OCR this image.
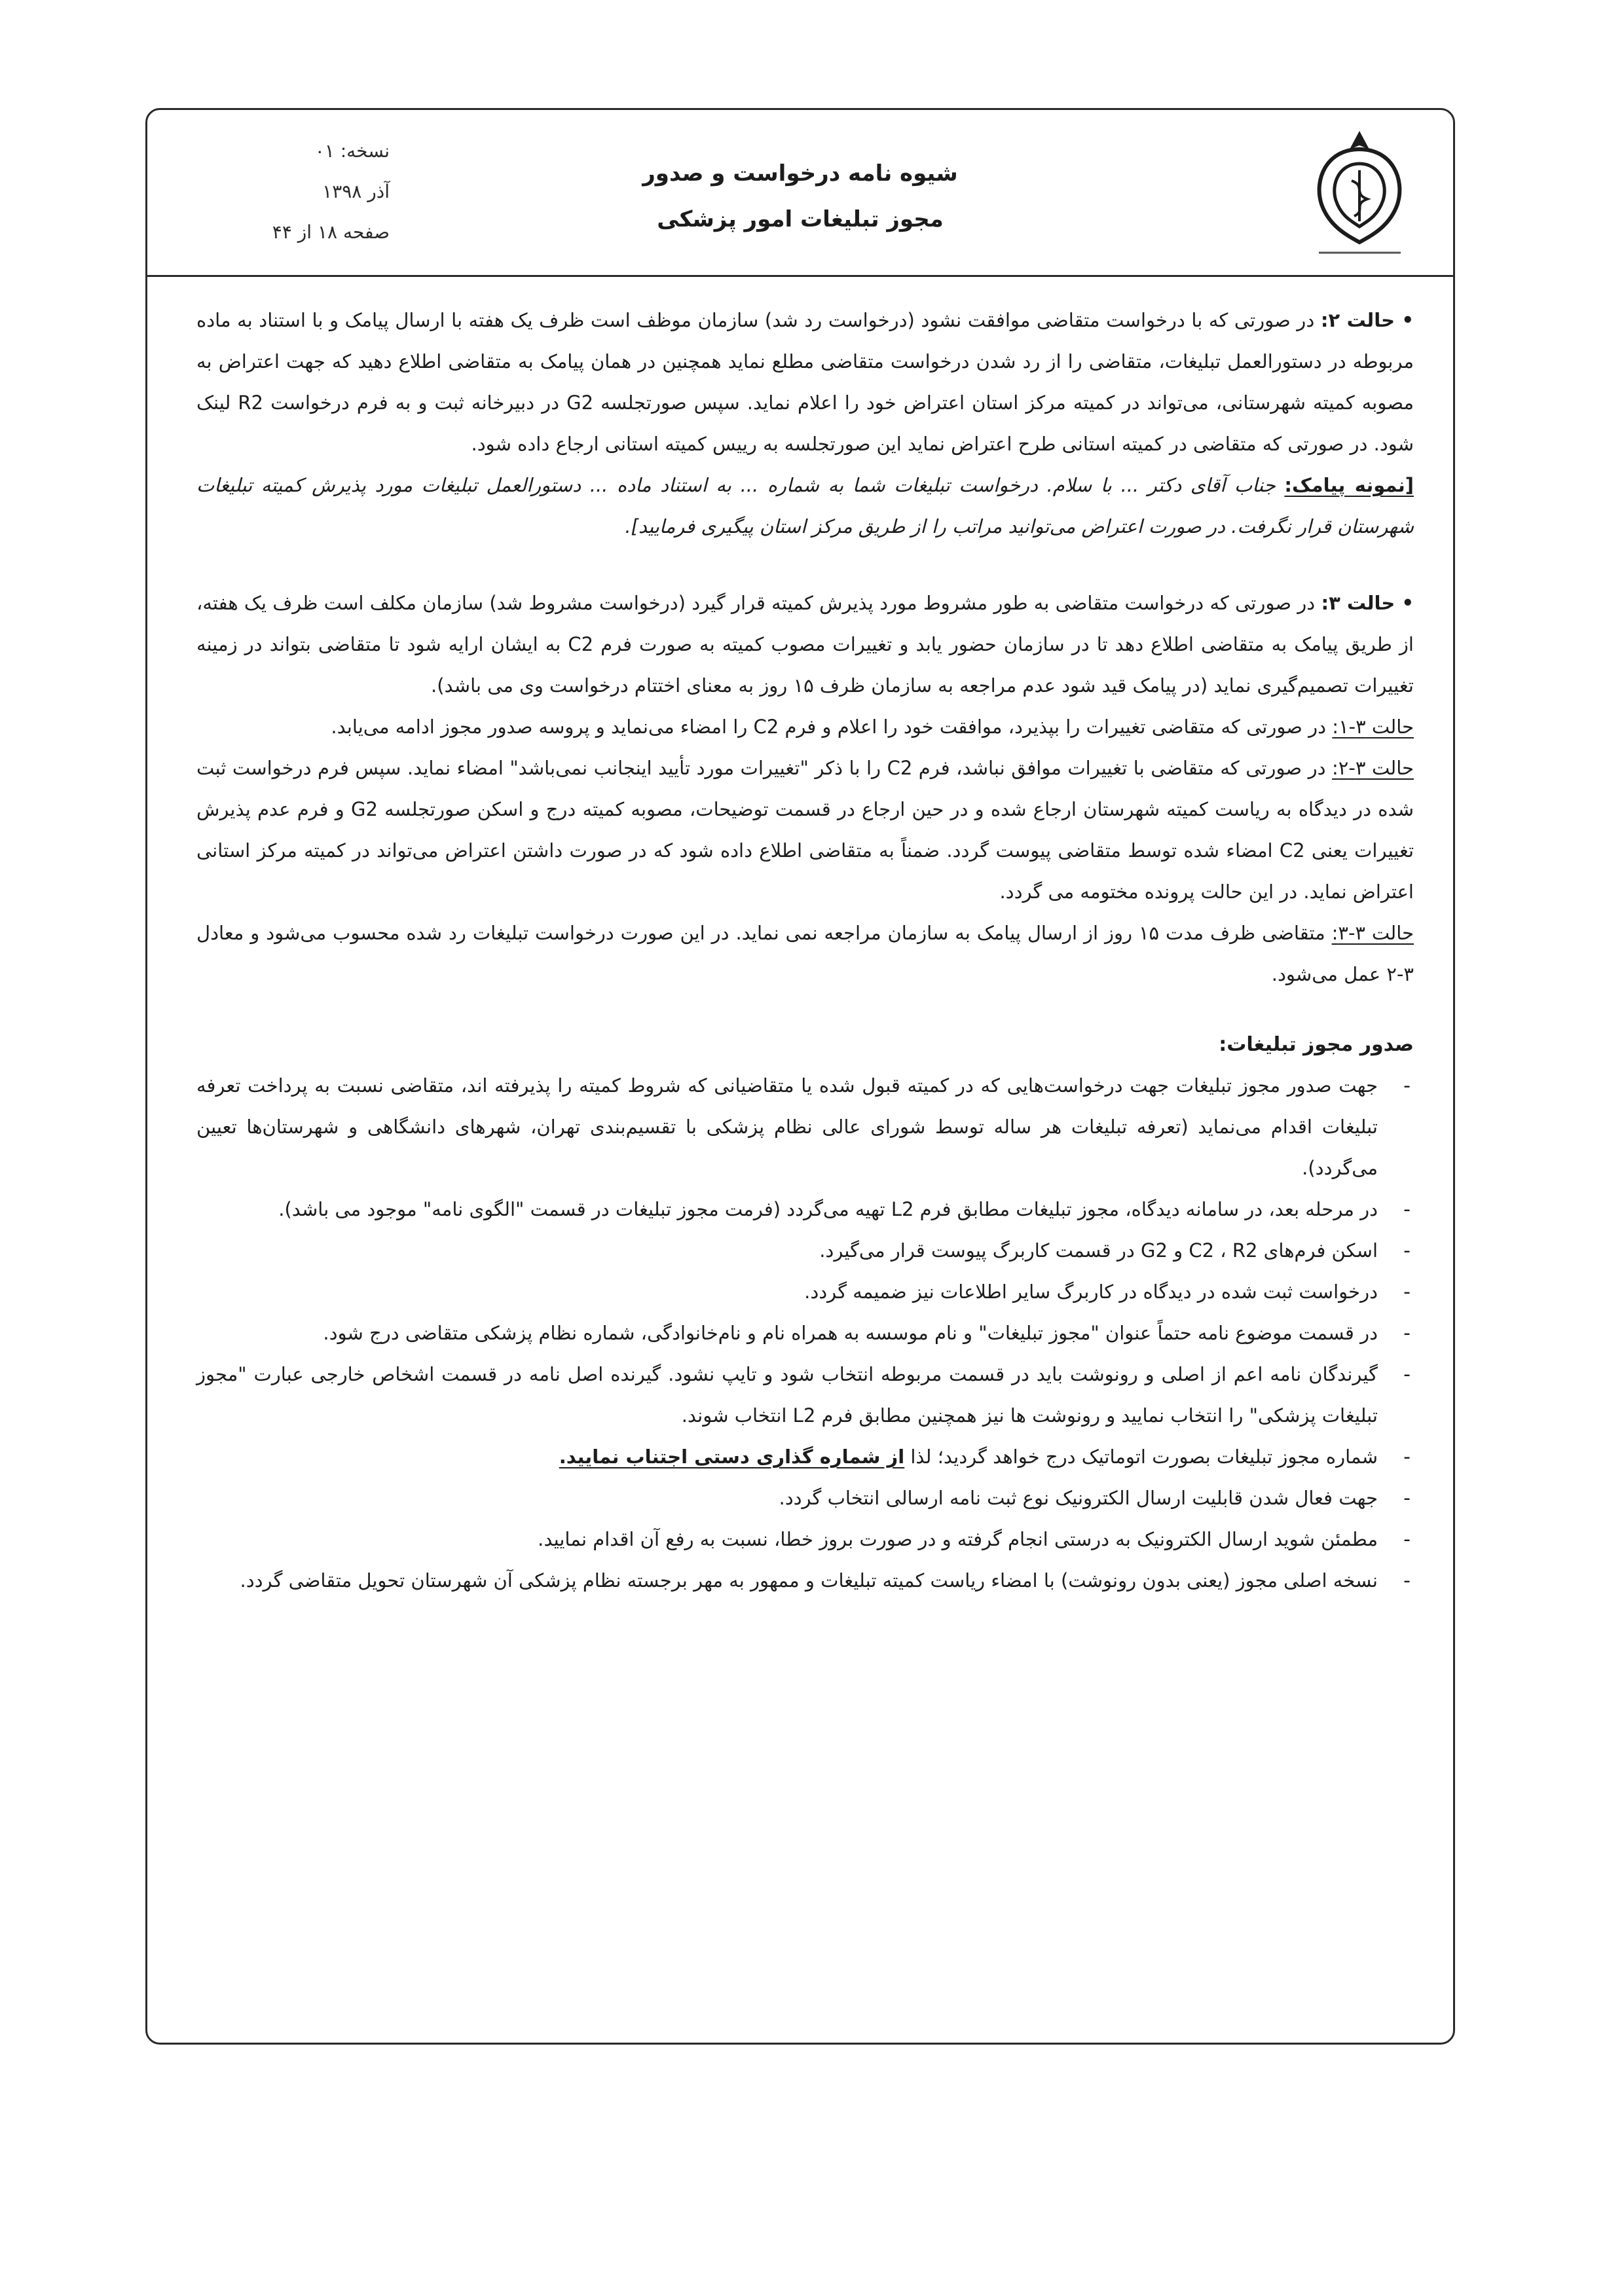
شیوه نامه درخواست و صدور
مجوز تبلیغات امور پزشکی
نسخه: ۰۱
آذر ۱۳۹۸
صفحه ۱۸ از ۴۴

• حالت ۲: در صورتی که با درخواست متقاضی موافقت نشود (درخواست رد شد) سازمان موظف است ظرف یک هفته با ارسال پیامک و با استناد به ماده مربوطه در دستورالعمل تبلیغات، متقاضی را از رد شدن درخواست متقاضی مطلع نماید همچنین در همان پیامک به متقاضی اطلاع دهید که جهت اعتراض به مصوبه کمیته شهرستانی، می‌تواند در کمیته مرکز استان اعتراض خود را اعلام نماید. سپس صورتجلسه G2 در دبیرخانه ثبت و به فرم درخواست R2 لینک شود. در صورتی که متقاضی در کمیته استانی طرح اعتراض نماید این صورتجلسه به رییس کمیته استانی ارجاع داده شود.

[نمونه پیامک: جناب آقای دکتر ... با سلام. درخواست تبلیغات شما به شماره ... به استناد ماده ... دستورالعمل تبلیغات مورد پذیرش کمیته تبلیغات شهرستان قرار نگرفت. در صورت اعتراض می‌توانید مراتب را از طریق مرکز استان پیگیری فرمایید].

• حالت ۳: در صورتی که درخواست متقاضی به طور مشروط مورد پذیرش کمیته قرار گیرد (درخواست مشروط شد) سازمان مکلف است ظرف یک هفته، از طریق پیامک به متقاضی اطلاع دهد تا در سازمان حضور یابد و تغییرات مصوب کمیته به صورت فرم C2 به ایشان ارایه شود تا متقاضی بتواند در زمینه تغییرات تصمیم‌گیری نماید (در پیامک قید شود عدم مراجعه به سازمان ظرف ۱۵ روز به معنای اختتام درخواست وی می باشد).

حالت ۳-۱: در صورتی که متقاضی تغییرات را بپذیرد، موافقت خود را اعلام و فرم C2 را امضاء می‌نماید و پروسه صدور مجوز ادامه می‌یابد.

حالت ۳-۲: در صورتی که متقاضی با تغییرات موافق نباشد، فرم C2 را با ذکر "تغییرات مورد تأیید اینجانب نمی‌باشد" امضاء نماید. سپس فرم درخواست ثبت شده در دیدگاه به ریاست کمیته شهرستان ارجاع شده و در حین ارجاع در قسمت توضیحات، مصوبه کمیته درج و اسکن صورتجلسه G2 و فرم عدم پذیرش تغییرات یعنی C2 امضاء شده توسط متقاضی پیوست گردد. ضمناً به متقاضی اطلاع داده شود که در صورت داشتن اعتراض می‌تواند در کمیته مرکز استانی اعتراض نماید. در این حالت پرونده مختومه می گردد.

حالت ۳-۳: متقاضی ظرف مدت ۱۵ روز از ارسال پیامک به سازمان مراجعه نمی نماید. در این صورت درخواست تبلیغات رد شده محسوب می‌شود و معادل ۳-۲ عمل می‌شود.

صدور مجوز تبلیغات:

- جهت صدور مجوز تبلیغات جهت درخواست‌هایی که در کمیته قبول شده یا متقاضیانی که شروط کمیته را پذیرفته اند، متقاضی نسبت به پرداخت تعرفه تبلیغات اقدام می‌نماید (تعرفه تبلیغات هر ساله توسط شورای عالی نظام پزشکی با تقسیم‌بندی تهران، شهرهای دانشگاهی و شهرستان‌ها تعیین می‌گردد).
- در مرحله بعد، در سامانه دیدگاه، مجوز تبلیغات مطابق فرم L2 تهیه می‌گردد (فرمت مجوز تبلیغات در قسمت "الگوی نامه" موجود می باشد).
- اسکن فرم‌های C2 ، R2 و G2 در قسمت کاربرگ پیوست قرار می‌گیرد.
- درخواست ثبت شده در دیدگاه در کاربرگ سایر اطلاعات نیز ضمیمه گردد.
- در قسمت موضوع نامه حتماً عنوان "مجوز تبلیغات" و نام موسسه به همراه نام و نام‌خانوادگی، شماره نظام پزشکی متقاضی درج شود.
- گیرندگان نامه اعم از اصلی و رونوشت باید در قسمت مربوطه انتخاب شود و تایپ نشود. گیرنده اصل نامه در قسمت اشخاص خارجی عبارت "مجوز تبلیغات پزشکی" را انتخاب نمایید و رونوشت ها نیز همچنین مطابق فرم L2 انتخاب شوند.
- شماره مجوز تبلیغات بصورت اتوماتیک درج خواهد گردید؛ لذا از شماره گذاری دستی اجتناب نمایید.
- جهت فعال شدن قابلیت ارسال الکترونیک نوع ثبت نامه ارسالی انتخاب گردد.
- مطمئن شوید ارسال الکترونیک به درستی انجام گرفته و در صورت بروز خطا، نسبت به رفع آن اقدام نمایید.
- نسخه اصلی مجوز (یعنی بدون رونوشت) با امضاء ریاست کمیته تبلیغات و ممهور به مهر برجسته نظام پزشکی آن شهرستان تحویل متقاضی گردد.
